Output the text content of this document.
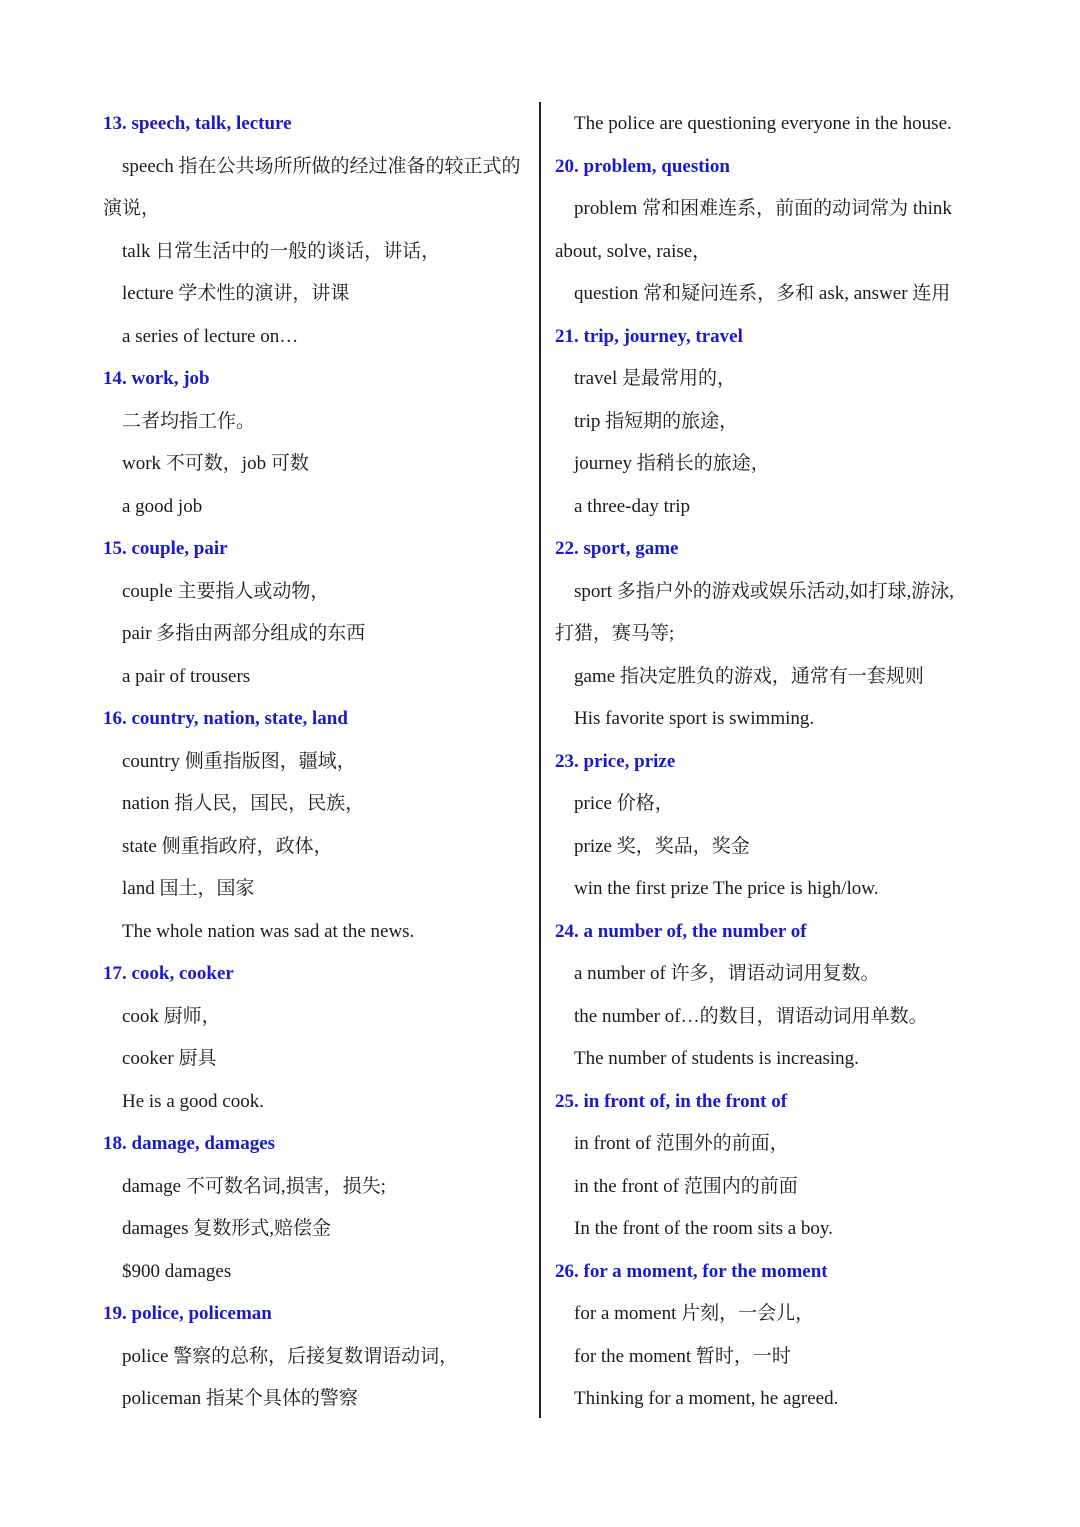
13. speech, talk, lecture
speech 指在公共场所所做的经过准备的较正式的
演说，
talk 日常生活中的一般的谈话，讲话，
lecture 学术性的演讲，讲课
a series of lecture on…
14. work, job
二者均指工作。
work 不可数，job 可数
a good job
15. couple, pair
couple 主要指人或动物，
pair 多指由两部分组成的东西
a pair of trousers
16. country, nation, state, land
country 侧重指版图，疆域，
nation 指人民，国民，民族，
state 侧重指政府，政体，
land 国土，国家
The whole nation was sad at the news.
17. cook, cooker
cook 厨师，
cooker 厨具
He is a good cook.
18. damage, damages
damage 不可数名词,损害，损失;
damages 复数形式,赔偿金
$900 damages
19. police, policeman
police 警察的总称，后接复数谓语动词，
policeman 指某个具体的警察
The police are questioning everyone in the house.
20. problem, question
problem 常和困难连系，前面的动词常为 think
about, solve, raise，
question 常和疑问连系，多和 ask, answer 连用
21. trip, journey, travel
travel 是最常用的，
trip 指短期的旅途，
journey 指稍长的旅途，
a three-day trip
22. sport, game
sport 多指户外的游戏或娱乐活动,如打球,游泳,
打猎，赛马等;
game 指决定胜负的游戏，通常有一套规则
His favorite sport is swimming.
23. price, prize
price 价格，
prize 奖，奖品，奖金
win the first prize The price is high/low.
24. a number of, the number of
a number of 许多，谓语动词用复数。
the number of…的数目，谓语动词用单数。
The number of students is increasing.
25. in front of, in the front of
in front of 范围外的前面，
in the front of 范围内的前面
In the front of the room sits a boy.
26. for a moment, for the moment
for a moment 片刻，一会儿，
for the moment 暂时，一时
Thinking for a moment, he agreed.
